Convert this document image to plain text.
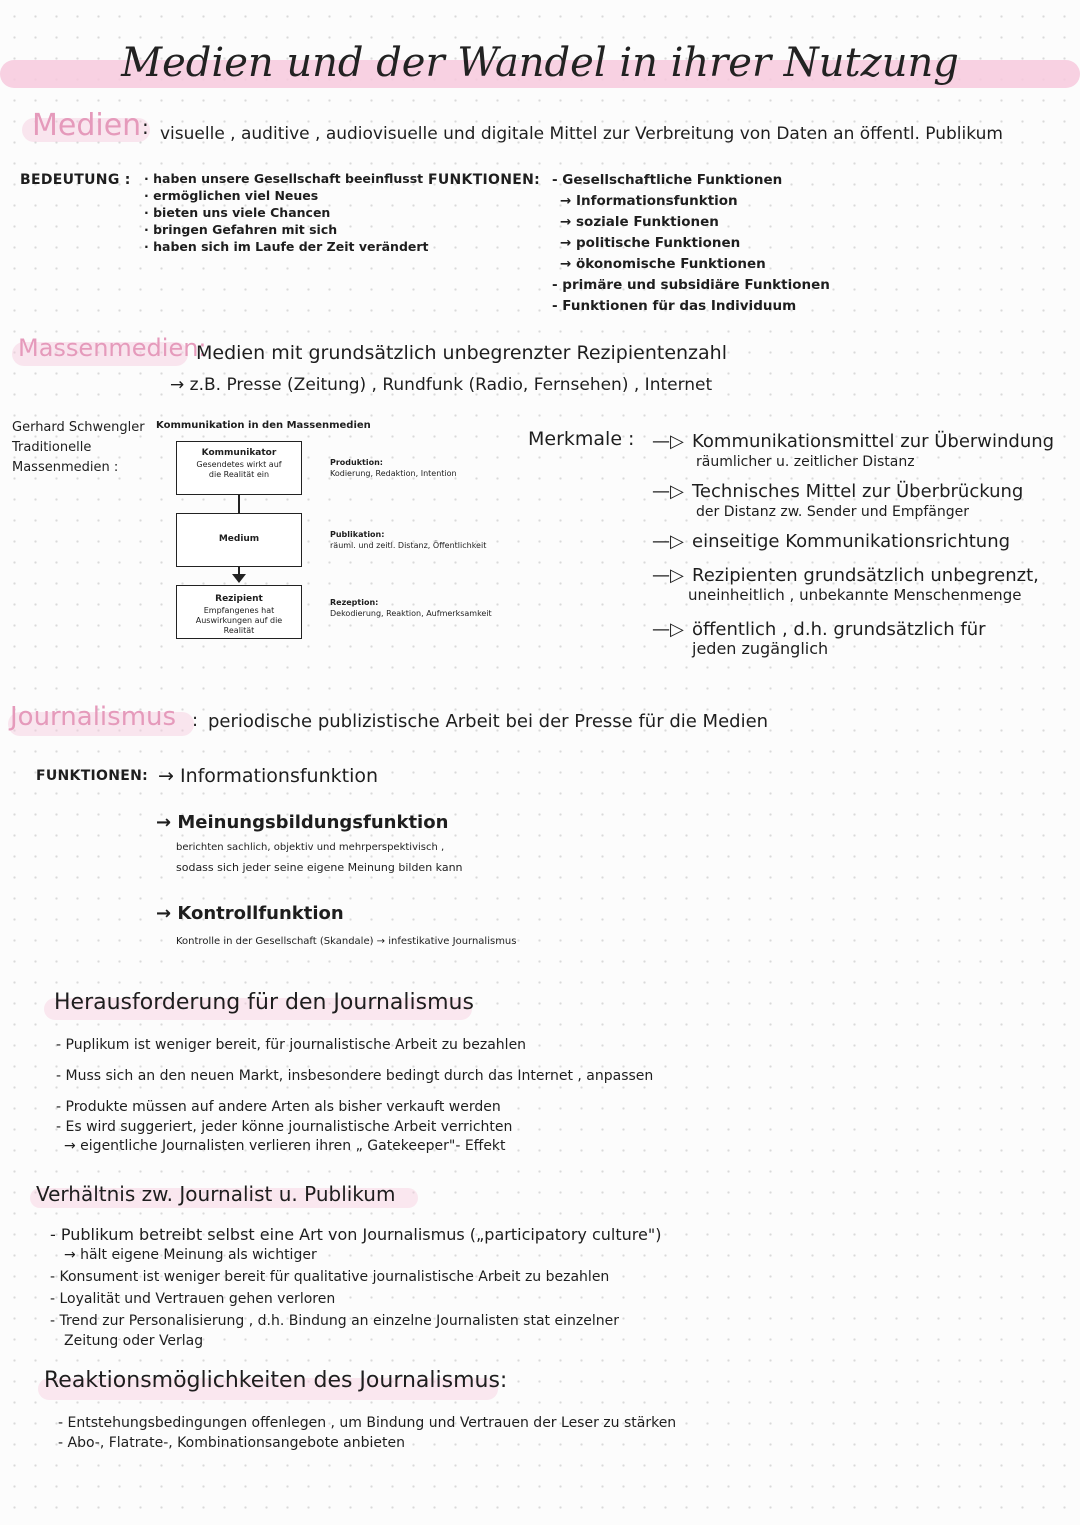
Medien und der Wandel in ihrer Nutzung
Medien : visuelle , auditive , audiovisuelle und digitale Mittel zur Verbreitung von Daten an öffentl. Publikum
BEDEUTUNG : · haben unsere Gesellschaft beeinflusst
· ermöglichen viel Neues
· bieten uns viele Chancen
· bringen Gefahren mit sich
· haben sich im Laufe der Zeit verändert
FUNKTIONEN: - Gesellschaftliche Funktionen
→ Informationsfunktion
→ soziale Funktionen
→ politische Funktionen
→ ökonomische Funktionen
- primäre und subsidiäre Funktionen
- Funktionen für das Individuum
Massenmedien:
Medien mit grundsätzlich unbegrenzter Rezipientenzahl
→ z.B. Presse (Zeitung) , Rundfunk (Radio, Fernsehen) , Internet
Gerhard Schwengler
Traditionelle
Massenmedien :
Kommunikation in den Massenmedien
Kommunikator
Gesendetes wirkt auf die Realität ein
Medium
Rezipient
Empfangenes hat Auswirkungen auf die Realität
Produktion:
Kodierung, Redaktion, Intention
Publikation:
räuml. und zeitl. Distanz, Öffentlichkeit
Rezeption:
Dekodierung, Reaktion, Aufmerksamkeit
Merkmale : —▷ Kommunikationsmittel zur Überwindung
räumlicher u. zeitlicher Distanz
—▷ Technisches Mittel zur Überbrückung
der Distanz zw. Sender und Empfänger
—▷ einseitige Kommunikationsrichtung
—▷ Rezipienten grundsätzlich unbegrenzt,
uneinheitlich , unbekannte Menschenmenge
—▷ öffentlich , d.h. grundsätzlich für
jeden zugänglich
Journalismus : periodische publizistische Arbeit bei der Presse für die Medien
FUNKTIONEN: → Informationsfunktion
→ Meinungsbildungsfunktion
berichten sachlich, objektiv und mehrperspektivisch ,
sodass sich jeder seine eigene Meinung bilden kann
→ Kontrollfunktion
Kontrolle in der Gesellschaft (Skandale) → infestikative Journalismus
Herausforderung für den Journalismus
- Puplikum ist weniger bereit, für journalistische Arbeit zu bezahlen
- Muss sich an den neuen Markt, insbesondere bedingt durch das Internet , anpassen
- Produkte müssen auf andere Arten als bisher verkauft werden
- Es wird suggeriert, jeder könne journalistische Arbeit verrichten
→ eigentliche Journalisten verlieren ihren „ Gatekeeper"- Effekt
Verhältnis zw. Journalist u. Publikum
- Publikum betreibt selbst eine Art von Journalismus („participatory culture")
→ hält eigene Meinung als wichtiger
- Konsument ist weniger bereit für qualitative journalistische Arbeit zu bezahlen
- Loyalität und Vertrauen gehen verloren
- Trend zur Personalisierung , d.h. Bindung an einzelne Journalisten stat einzelner
Zeitung oder Verlag
Reaktionsmöglichkeiten des Journalismus:
- Entstehungsbedingungen offenlegen , um Bindung und Vertrauen der Leser zu stärken
- Abo-, Flatrate-, Kombinationsangebote anbieten
